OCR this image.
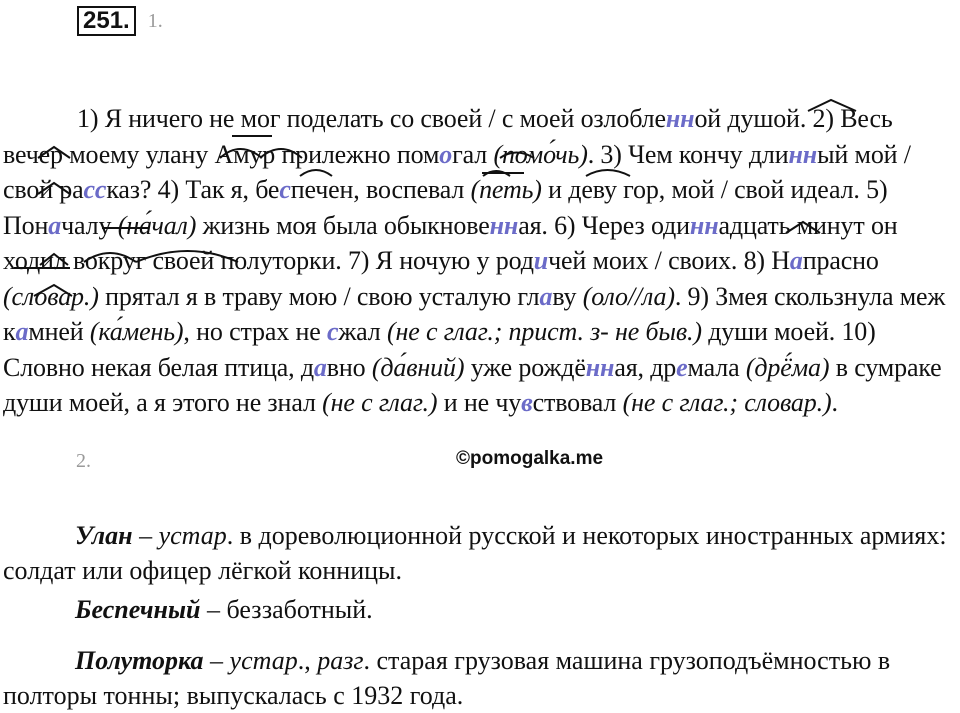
251. 1.
1) Я ничего не мог поделать со своей / с моей озлобленной душой. 2) Весь вечер моему улану Амур прилежно помогал (помо́чь). 3) Чем кончу длинный мой / свой рассказ? 4) Так я, беспечен, воспевал (петь) и деву гор, мой / свой идеал. 5) Поначалу (на́чал) жизнь моя была обыкновенная. 6) Через одиннадцать минут он ходил вокруг своей полуторки. 7) Я ночую у родичей моих / своих. 8) Напрасно (словар.) прятал я в траву мою / свою усталую главу (оло//ла). 9) Змея скользнула меж камней (ка́мень), но страх не сжал (не с глаг.; прист. з- не быв.) души моей. 10) Словно некая белая птица, давно (да́вний) уже рождённая, дремала (дрё́ма) в сумраке души моей, а я этого не знал (не с глаг.) и не чувствовал (не с глаг.; словар.).
2.	©pomogalka.me
Улан – устар. в дореволюционной русской и некоторых иностранных армиях: солдат или офицер лёгкой конницы.
Беспечный – беззаботный.
Полуторка – устар., разг. старая грузовая машина грузоподъёмностью в полторы тонны; выпускалась с 1932 года.
